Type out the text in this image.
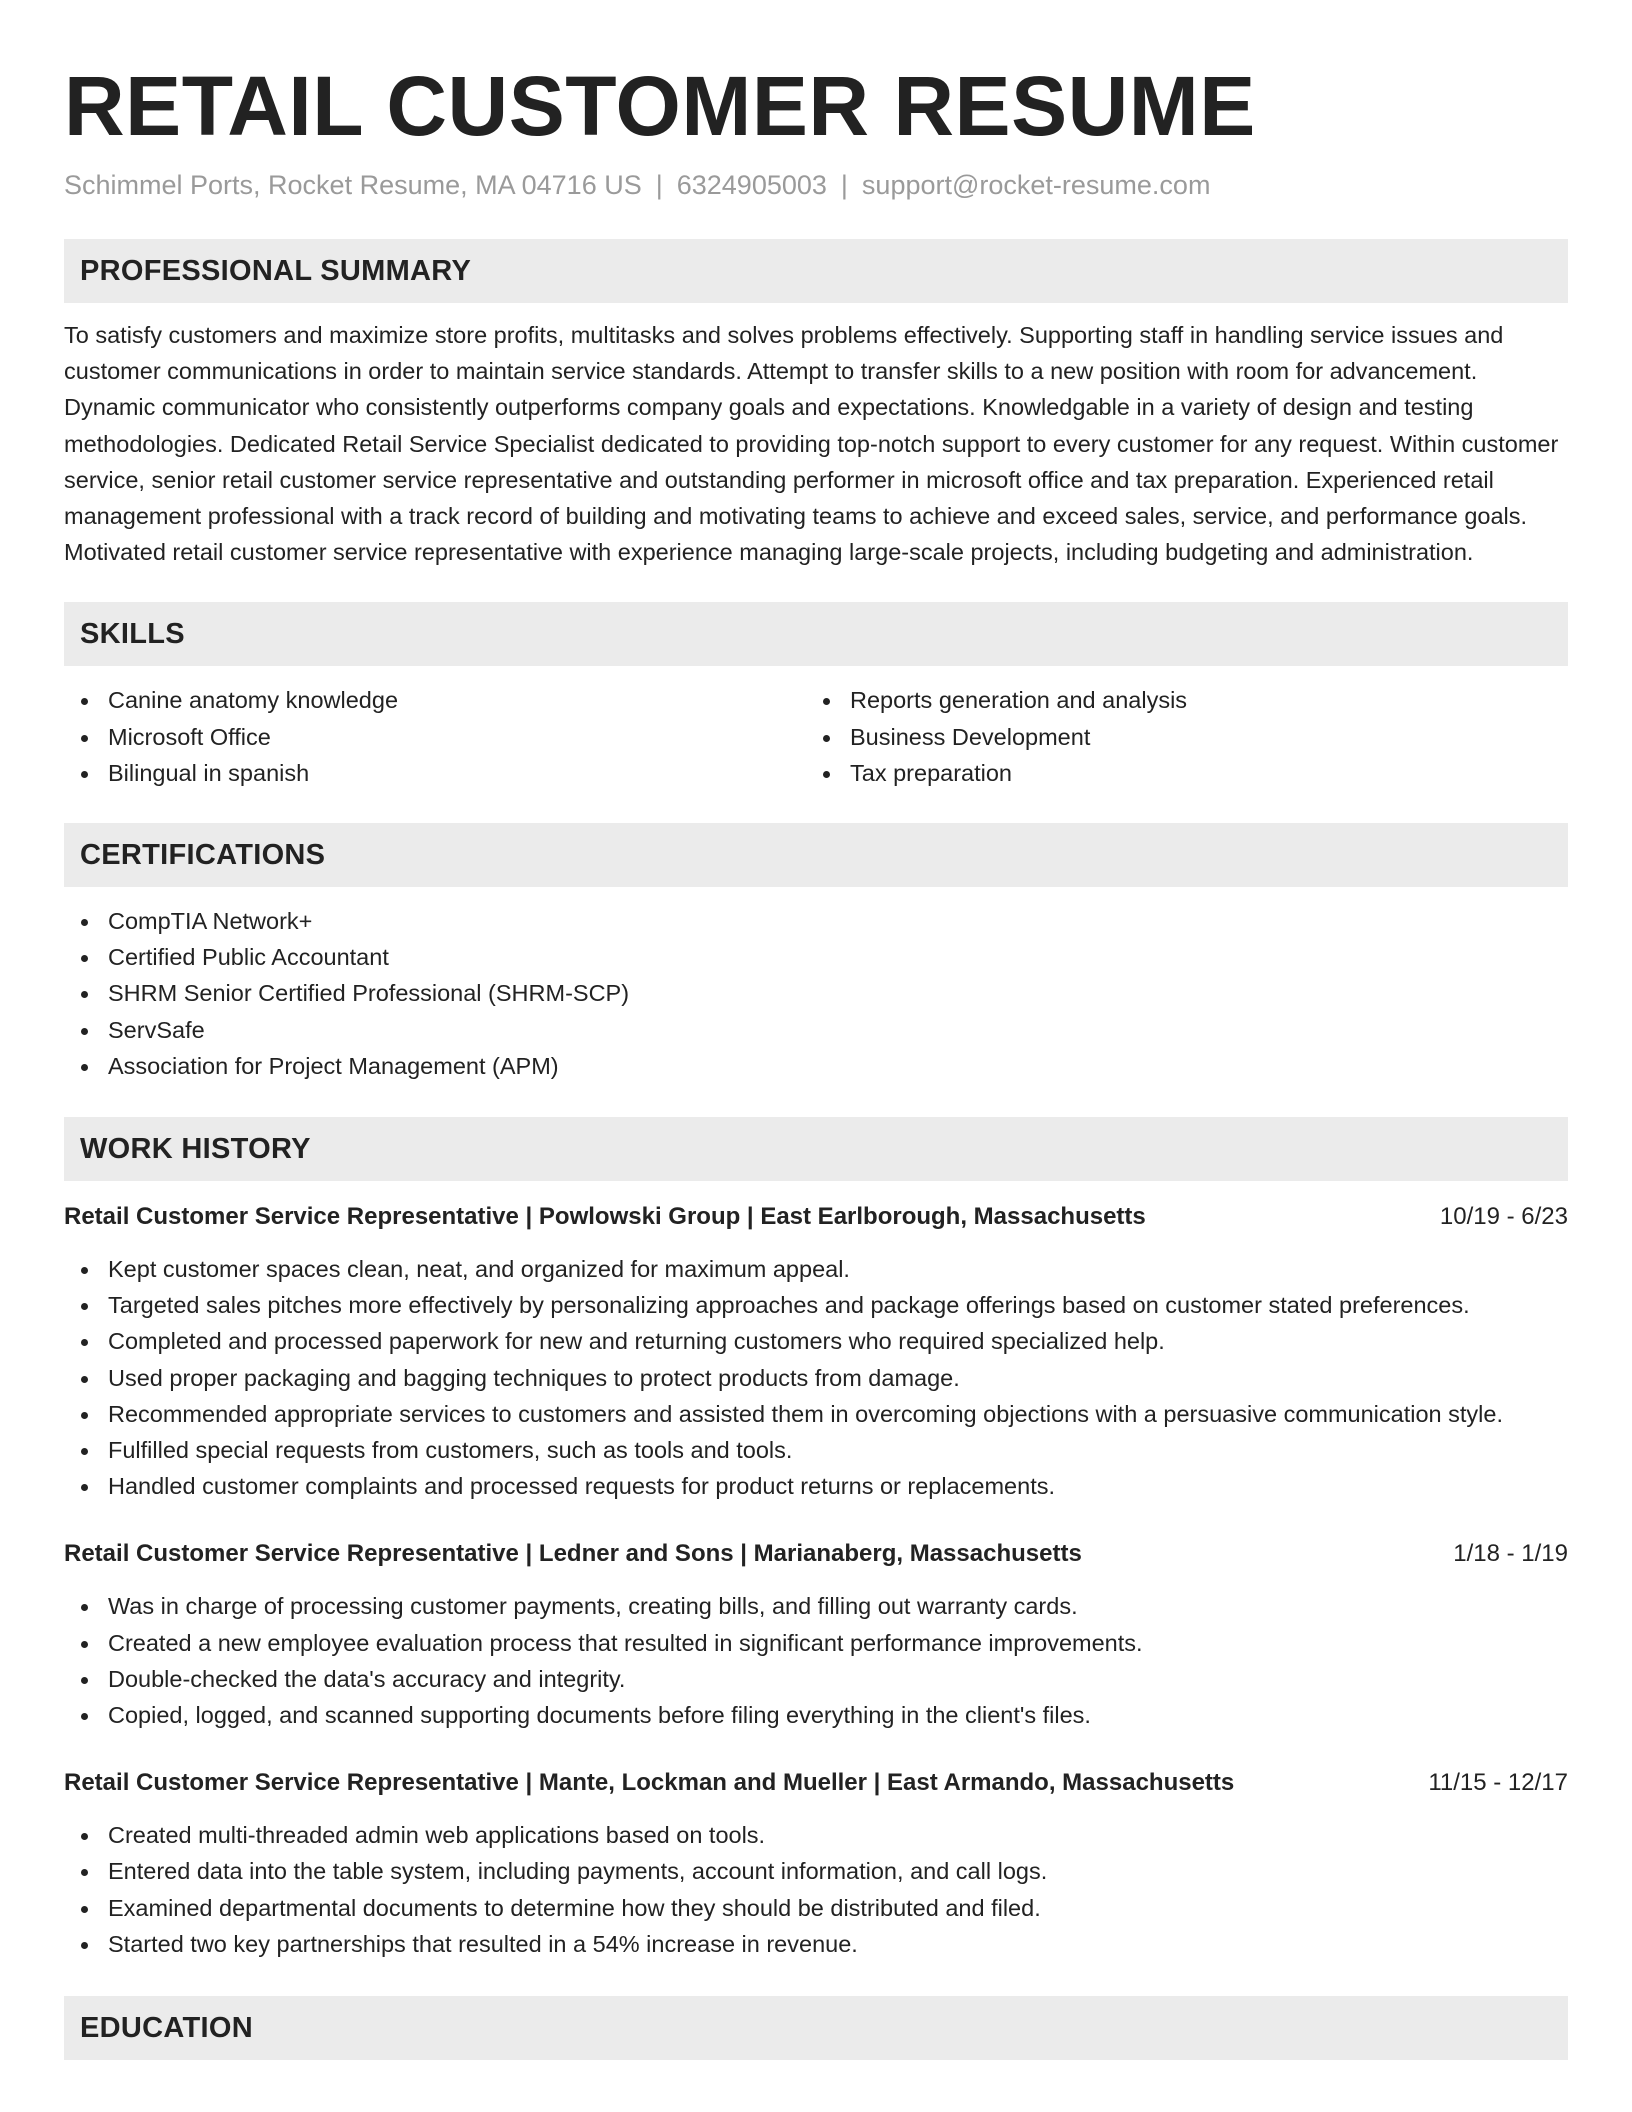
RETAIL CUSTOMER RESUME
Schimmel Ports, Rocket Resume, MA 04716 US | 6324905003 | support@rocket-resume.com
PROFESSIONAL SUMMARY

To satisfy customers and maximize store profits, multitasks and solves problems effectively. Supporting staff in handling service issues and customer communications in order to maintain service standards. Attempt to transfer skills to a new position with room for advancement. Dynamic communicator who consistently outperforms company goals and expectations. Knowledgable in a variety of design and testing methodologies. Dedicated Retail Service Specialist dedicated to providing top-notch support to every customer for any request. Within customer service, senior retail customer service representative and outstanding performer in microsoft office and tax preparation. Experienced retail management professional with a track record of building and motivating teams to achieve and exceed sales, service, and performance goals. Motivated retail customer service representative with experience managing large-scale projects, including budgeting and administration.

SKILLS
Canine anatomy knowledge
Microsoft Office
Bilingual in spanish
Reports generation and analysis
Business Development
Tax preparation
CERTIFICATIONS
CompTIA Network+
Certified Public Accountant
SHRM Senior Certified Professional (SHRM-SCP)
ServSafe
Association for Project Management (APM)
WORK HISTORY
Retail Customer Service Representative | Powlowski Group | East Earlborough, Massachusetts	10/19 - 6/23
Kept customer spaces clean, neat, and organized for maximum appeal.
Targeted sales pitches more effectively by personalizing approaches and package offerings based on customer stated preferences.
Completed and processed paperwork for new and returning customers who required specialized help.
Used proper packaging and bagging techniques to protect products from damage.
Recommended appropriate services to customers and assisted them in overcoming objections with a persuasive communication style.
Fulfilled special requests from customers, such as tools and tools.
Handled customer complaints and processed requests for product returns or replacements.
Retail Customer Service Representative | Ledner and Sons | Marianaberg, Massachusetts	1/18 - 1/19
Was in charge of processing customer payments, creating bills, and filling out warranty cards.
Created a new employee evaluation process that resulted in significant performance improvements.
Double-checked the data's accuracy and integrity.
Copied, logged, and scanned supporting documents before filing everything in the client's files.
Retail Customer Service Representative | Mante, Lockman and Mueller | East Armando, Massachusetts	11/15 - 12/17
Created multi-threaded admin web applications based on tools.
Entered data into the table system, including payments, account information, and call logs.
Examined departmental documents to determine how they should be distributed and filed.
Started two key partnerships that resulted in a 54% increase in revenue.
EDUCATION
